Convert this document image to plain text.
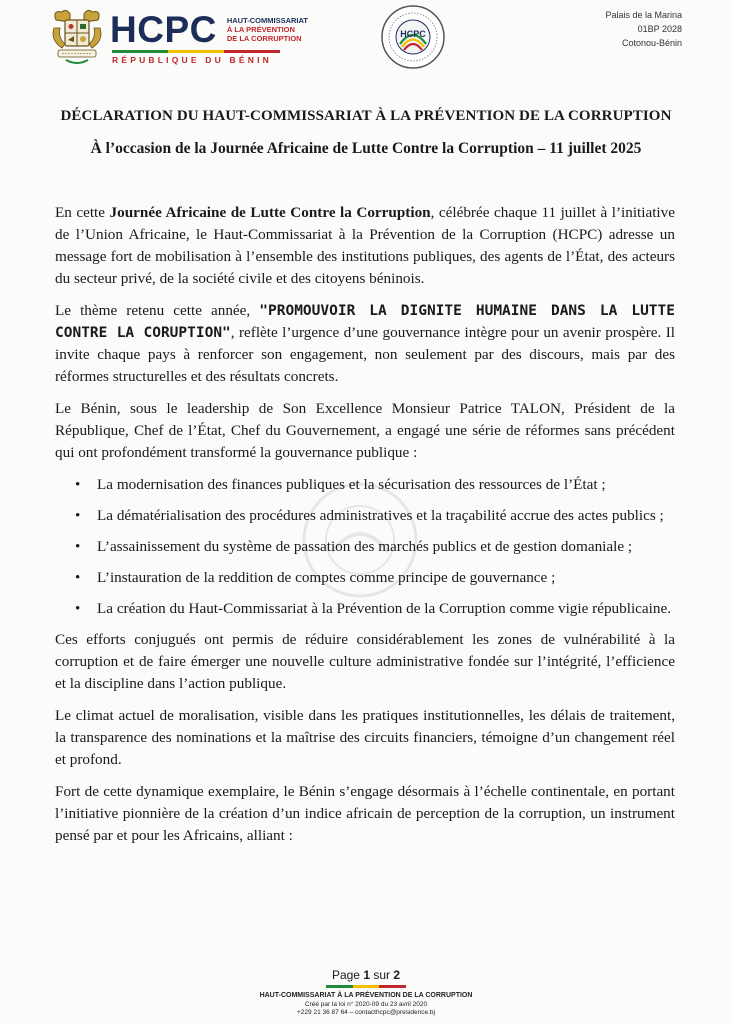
HCPC HAUT-COMMISSARIAT
À LA PRÉVENTION
DE LA CORRUPTION
RÉPUBLIQUE DU BÉNIN
HCPC
Palais de la Marina
01BP 2028
Cotonou-Bénin
DÉCLARATION DU HAUT-COMMISSARIAT À LA PRÉVENTION DE LA CORRUPTION
À l’occasion de la Journée Africaine de Lutte Contre la Corruption – 11 juillet 2025

En cette Journée Africaine de Lutte Contre la Corruption, célébrée chaque 11 juillet à l’initiative de l’Union Africaine, le Haut-Commissariat à la Prévention de la Corruption (HCPC) adresse un message fort de mobilisation à l’ensemble des institutions publiques, des agents de l’État, des acteurs du secteur privé, de la société civile et des citoyens béninois.

Le thème retenu cette année, "PROMOUVOIR LA DIGNITE HUMAINE DANS LA LUTTE CONTRE LA CORUPTION", reflète l’urgence d’une gouvernance intègre pour un avenir prospère. Il invite chaque pays à renforcer son engagement, non seulement par des discours, mais par des réformes structurelles et des résultats concrets.

Le Bénin, sous le leadership de Son Excellence Monsieur Patrice TALON, Président de la République, Chef de l’État, Chef du Gouvernement, a engagé une série de réformes sans précédent qui ont profondément transformé la gouvernance publique :

• La modernisation des finances publiques et la sécurisation des ressources de l’État ;
• La dématérialisation des procédures administratives et la traçabilité accrue des actes publics ;
• L’assainissement du système de passation des marchés publics et de gestion domaniale ;
• L’instauration de la reddition de comptes comme principe de gouvernance ;
• La création du Haut-Commissariat à la Prévention de la Corruption comme vigie républicaine.

Ces efforts conjugués ont permis de réduire considérablement les zones de vulnérabilité à la corruption et de faire émerger une nouvelle culture administrative fondée sur l’intégrité, l’efficience et la discipline dans l’action publique.

Le climat actuel de moralisation, visible dans les pratiques institutionnelles, les délais de traitement, la transparence des nominations et la maîtrise des circuits financiers, témoigne d’un changement réel et profond.

Fort de cette dynamique exemplaire, le Bénin s’engage désormais à l’échelle continentale, en portant l’initiative pionnière de la création d’un indice africain de perception de la corruption, un instrument pensé par et pour les Africains, alliant :

Page 1 sur 2
HAUT-COMMISSARIAT À LA PRÉVENTION DE LA CORRUPTION
Créé par la loi n° 2020-09 du 23 avril 2020
+229 21 36 87 64 – contacthcpc@presidence.bj
